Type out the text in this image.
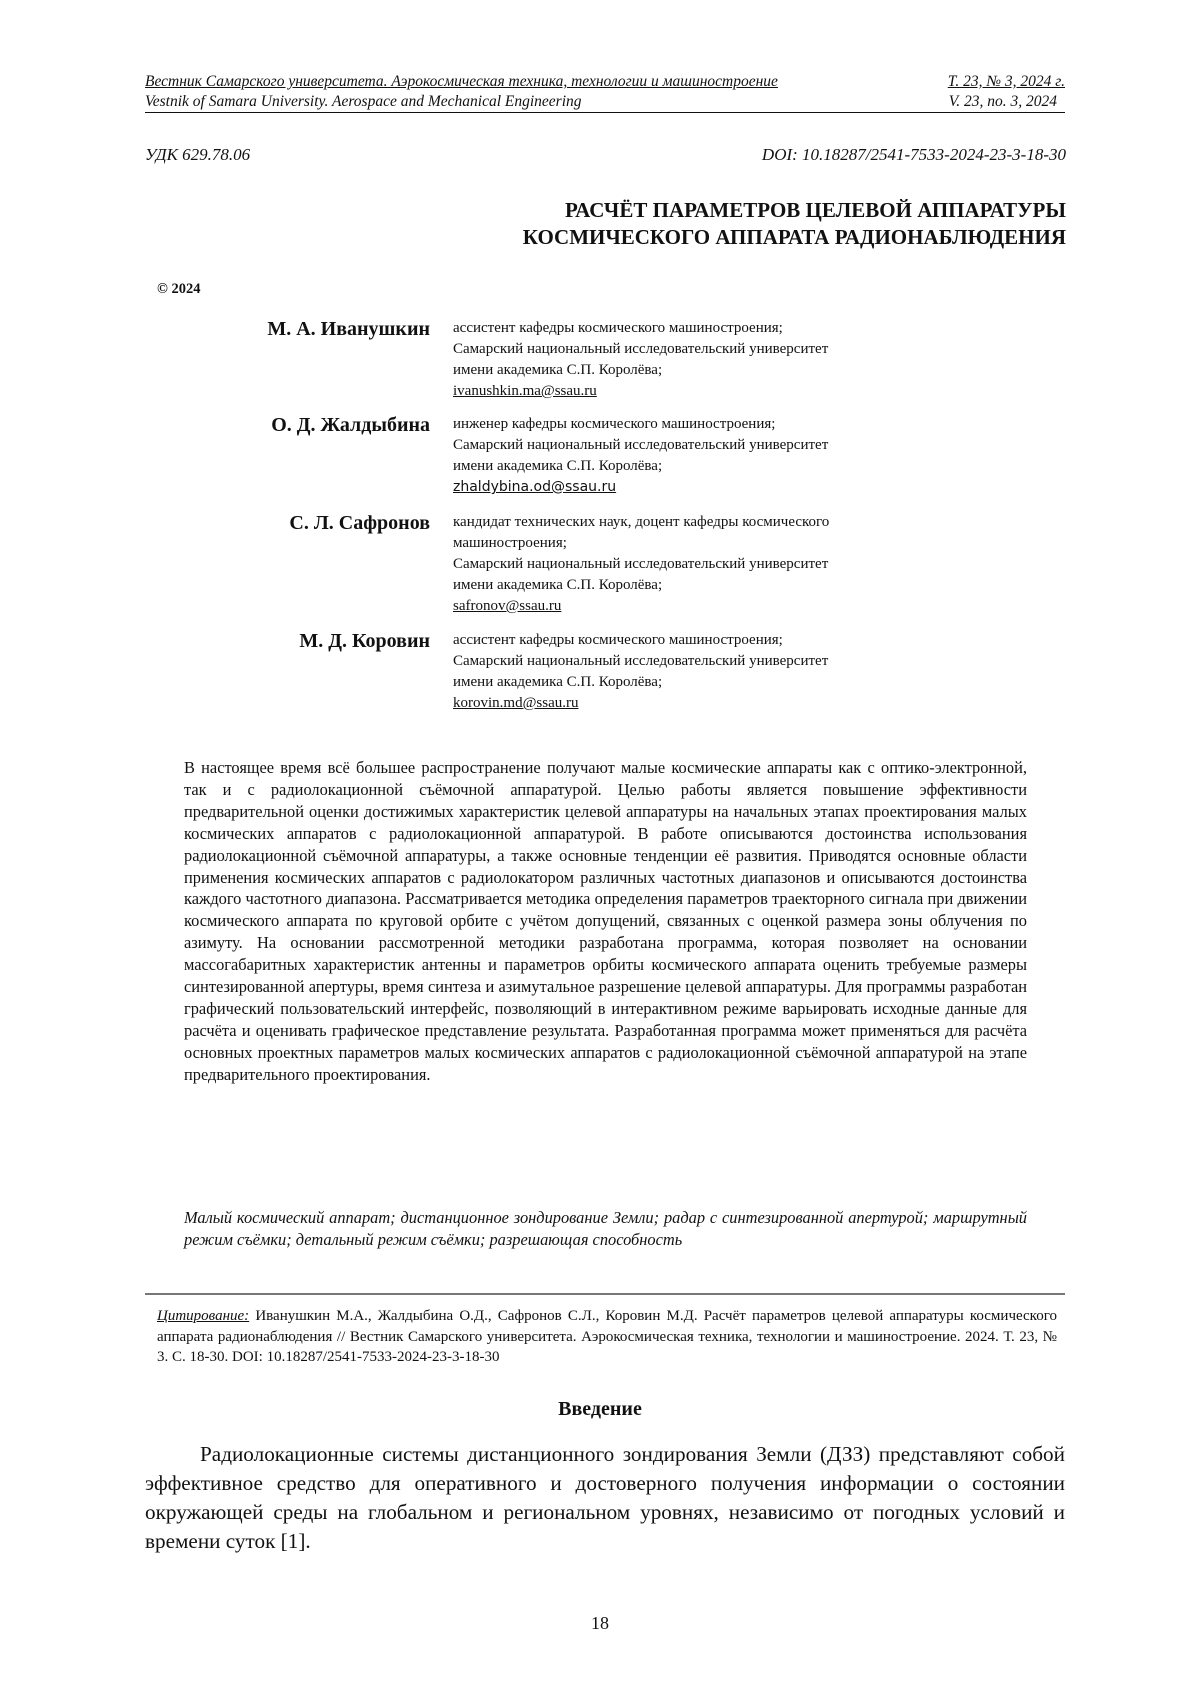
Вестник Самарского университета. Аэрокосмическая техника, технологии и машиностроение	Т. 23, № 3, 2024 г.
Vestnik of Samara University. Aerospace and Mechanical Engineering	V. 23, no. 3, 2024
УДК 629.78.06	DOI: 10.18287/2541-7533-2024-23-3-18-30
РАСЧЁТ ПАРАМЕТРОВ ЦЕЛЕВОЙ АППАРАТУРЫ
КОСМИЧЕСКОГО АППАРАТА РАДИОНАБЛЮДЕНИЯ
© 2024
М. А. Иванушкин ассистент кафедры космического машиностроения;
Самарский национальный исследовательский университет
имени академика С.П. Королёва;
ivanushkin.ma@ssau.ru
О. Д. Жалдыбина инженер кафедры космического машиностроения;
Самарский национальный исследовательский университет
имени академика С.П. Королёва;
zhaldybina.od@ssau.ru
С. Л. Сафронов кандидат технических наук, доцент кафедры космического
машиностроения;
Самарский национальный исследовательский университет
имени академика С.П. Королёва;
safronov@ssau.ru
М. Д. Коровин ассистент кафедры космического машиностроения;
Самарский национальный исследовательский университет
имени академика С.П. Королёва;
korovin.md@ssau.ru
В настоящее время всё большее распространение получают малые космические аппараты как с оптико-электронной, так и с радиолокационной съёмочной аппаратурой. Целью работы является повышение эффективности предварительной оценки достижимых характеристик целевой аппаратуры на начальных этапах проектирования малых космических аппаратов с радиолокационной аппаратурой. В работе описываются достоинства использования радиолокационной съёмочной аппаратуры, а также основные тенденции её развития. Приводятся основные области применения космических аппаратов с радиолокатором различных частотных диапазонов и описываются достоинства каждого частотного диапазона. Рассматривается методика определения параметров траекторного сигнала при движении космического аппарата по круговой орбите с учётом допущений, связанных с оценкой размера зоны облучения по азимуту. На основании рассмотренной методики разработана программа, которая позволяет на основании массогабаритных характеристик антенны и параметров орбиты космического аппарата оценить требуемые размеры синтезированной апертуры, время синтеза и азимутальное разрешение целевой аппаратуры. Для программы разработан графический пользовательский интерфейс, позволяющий в интерактивном режиме варьировать исходные данные для расчёта и оценивать графическое представление результата. Разработанная программа может применяться для расчёта основных проектных параметров малых космических аппаратов с радиолокационной съёмочной аппаратурой на этапе предварительного проектирования.
Малый космический аппарат; дистанционное зондирование Земли; радар с синтезированной апертурой; маршрутный режим съёмки; детальный режим съёмки; разрешающая способность
Цитирование: Иванушкин М.А., Жалдыбина О.Д., Сафронов С.Л., Коровин М.Д. Расчёт параметров целевой аппаратуры космического аппарата радионаблюдения // Вестник Самарского университета. Аэрокосмическая техника, технологии и машиностроение. 2024. Т. 23, № 3. С. 18-30. DOI: 10.18287/2541-7533-2024-23-3-18-30
Введение
Радиолокационные системы дистанционного зондирования Земли (ДЗЗ) представляют собой эффективное средство для оперативного и достоверного получения информации о состоянии окружающей среды на глобальном и региональном уровнях, независимо от погодных условий и времени суток [1].
18
